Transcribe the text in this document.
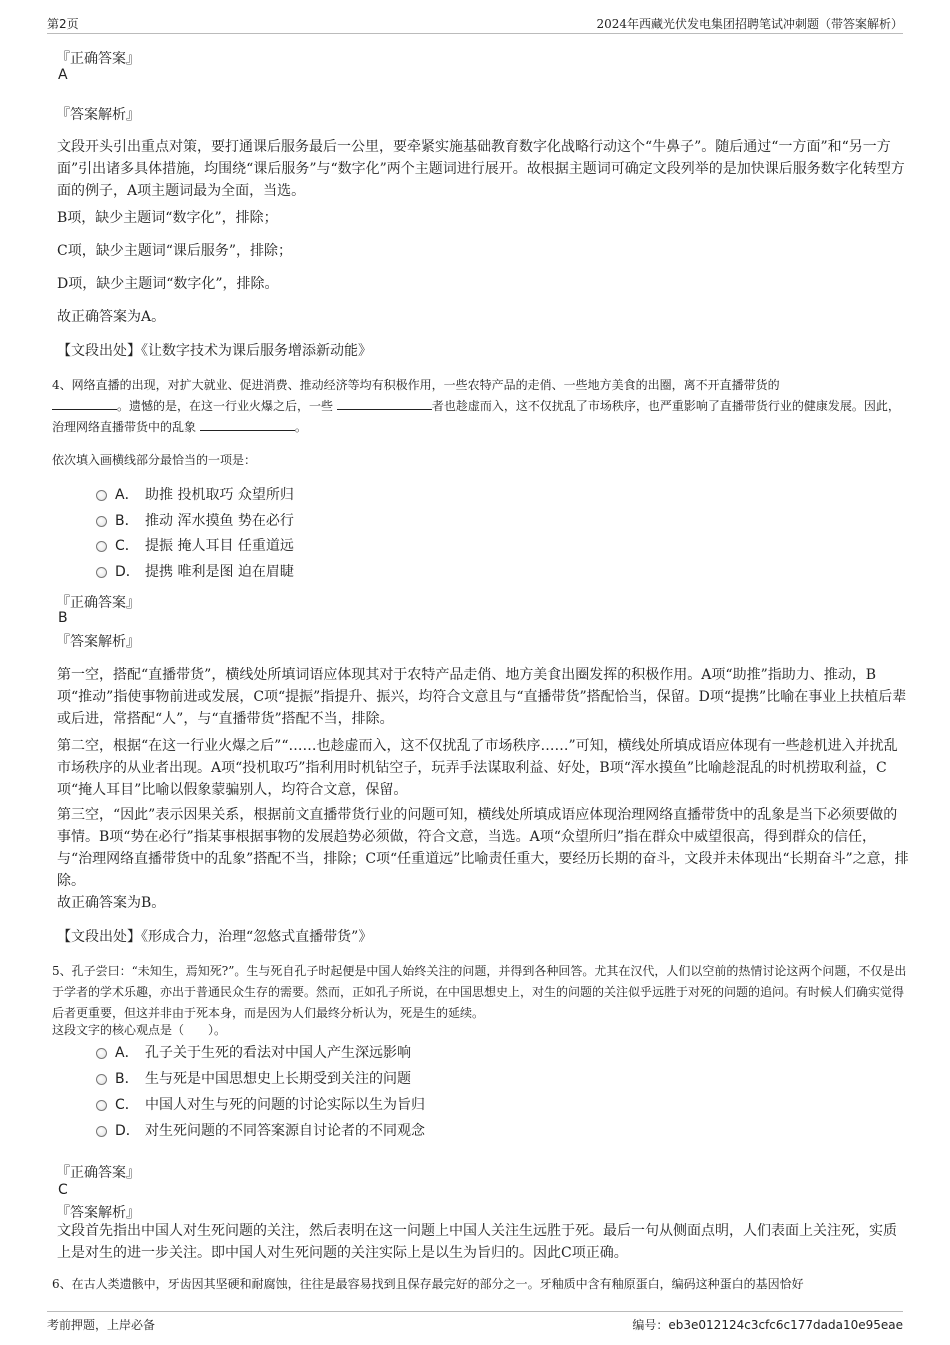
第2页	2024年西藏光伏发电集团招聘笔试冲刺题（带答案解析）
『正确答案』
A
『答案解析』

文段开头引出重点对策，要打通课后服务最后一公里，要牵紧实施基础教育数字化战略行动这个“牛鼻子”。随后通过“一方面”和“另一方面”引出诸多具体措施，均围绕“课后服务”与“数字化”两个主题词进行展开。故根据主题词可确定文段列举的是加快课后服务数字化转型方面的例子，A项主题词最为全面，当选。

B项，缺少主题词“数字化”，排除；

C项，缺少主题词“课后服务”，排除；

D项，缺少主题词“数字化”，排除。

故正确答案为A。

【文段出处】《让数字技术为课后服务增添新动能》

4、网络直播的出现，对扩大就业、促进消费、推动经济等均有积极作用，一些农特产品的走俏、一些地方美食的出圈，离不开直播带货的
。遗憾的是，在这一行业火爆之后，一些	者也趁虚而入，这不仅扰乱了市场秩序，也严重影响了直播带货行业的健康发展。因此，治理网络直播带货中的乱象	。

依次填入画横线部分最恰当的一项是：

A． 助推 投机取巧 众望所归
B． 推动 浑水摸鱼 势在必行
C． 提振 掩人耳目 任重道远
D． 提携 唯利是图 迫在眉睫
『正确答案』
B
『答案解析』

第一空，搭配“直播带货”，横线处所填词语应体现其对于农特产品走俏、地方美食出圈发挥的积极作用。A项“助推”指助力、推动，B项“推动”指使事物前进或发展，C项“提振”指提升、振兴，均符合文意且与“直播带货”搭配恰当，保留。D项“提携”比喻在事业上扶植后辈或后进，常搭配“人”，与“直播带货”搭配不当，排除。

第二空，根据“在这一行业火爆之后”“……也趁虚而入，这不仅扰乱了市场秩序……”可知，横线处所填成语应体现有一些趁机进入并扰乱市场秩序的从业者出现。A项“投机取巧”指利用时机钻空子，玩弄手法谋取利益、好处，B项“浑水摸鱼”比喻趁混乱的时机捞取利益，C项“掩人耳目”比喻以假象蒙骗别人，均符合文意，保留。

第三空，“因此”表示因果关系，根据前文直播带货行业的问题可知，横线处所填成语应体现治理网络直播带货中的乱象是当下必须要做的事情。B项“势在必行”指某事根据事物的发展趋势必须做，符合文意，当选。A项“众望所归”指在群众中威望很高，得到群众的信任，与“治理网络直播带货中的乱象”搭配不当，排除；C项“任重道远”比喻责任重大，要经历长期的奋斗，文段并未体现出“长期奋斗”之意，排除。

故正确答案为B。

【文段出处】《形成合力，治理“忽悠式直播带货”》

5、孔子尝曰：“未知生，焉知死?”。生与死自孔子时起便是中国人始终关注的问题，并得到各种回答。尤其在汉代，人们以空前的热情讨论这两个问题，不仅是出于学者的学术乐趣，亦出于普通民众生存的需要。然而，正如孔子所说，在中国思想史上，对生的问题的关注似乎远胜于对死的问题的追问。有时候人们确实觉得后者更重要，但这并非由于死本身，而是因为人们最终分析认为，死是生的延续。

这段文字的核心观点是（　　）。

A． 孔子关于生死的看法对中国人产生深远影响
B． 生与死是中国思想史上长期受到关注的问题
C． 中国人对生与死的问题的讨论实际以生为旨归
D． 对生死问题的不同答案源自讨论者的不同观念
『正确答案』
C
『答案解析』

文段首先指出中国人对生死问题的关注，然后表明在这一问题上中国人关注生远胜于死。最后一句从侧面点明，人们表面上关注死，实质上是对生的进一步关注。即中国人对生死问题的关注实际上是以生为旨归的。因此C项正确。

6、在古人类遗骸中，牙齿因其坚硬和耐腐蚀，往往是最容易找到且保存最完好的部分之一。牙釉质中含有釉原蛋白，编码这种蛋白的基因恰好

考前押题，上岸必备	编号：eb3e012124c3cfc6c177dada10e95eae
